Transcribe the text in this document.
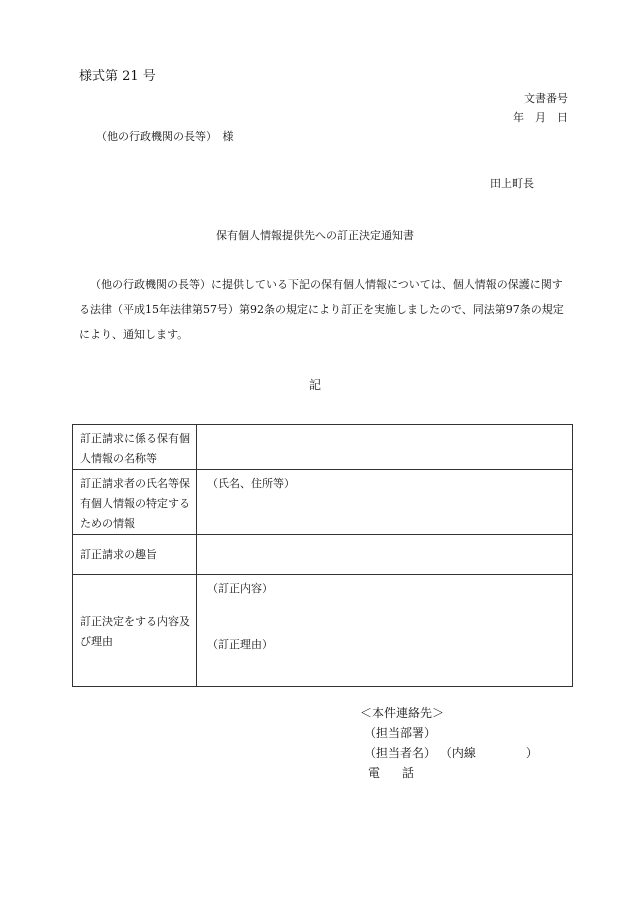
様式第 21 号
文書番号
年　月　日
（他の行政機関の長等）　様
田上町長
保有個人情報提供先への訂正決定通知書
（他の行政機関の長等）に提供している下記の保有個人情報については、個人情報の保護に関する法律（平成15年法律第57号）第92条の規定により訂正を実施しましたので、同法第97条の規定により、通知します。
記
訂正請求に係る保有個人情報の名称等	
訂正請求者の氏名等保有個人情報の特定するための情報	（氏名、住所等）
訂正請求の趣旨	
訂正決定をする内容及び理由	（訂正内容）
（訂正理由）
＜本件連絡先＞
（担当部署）
（担当者名） （内線	）
電 話
